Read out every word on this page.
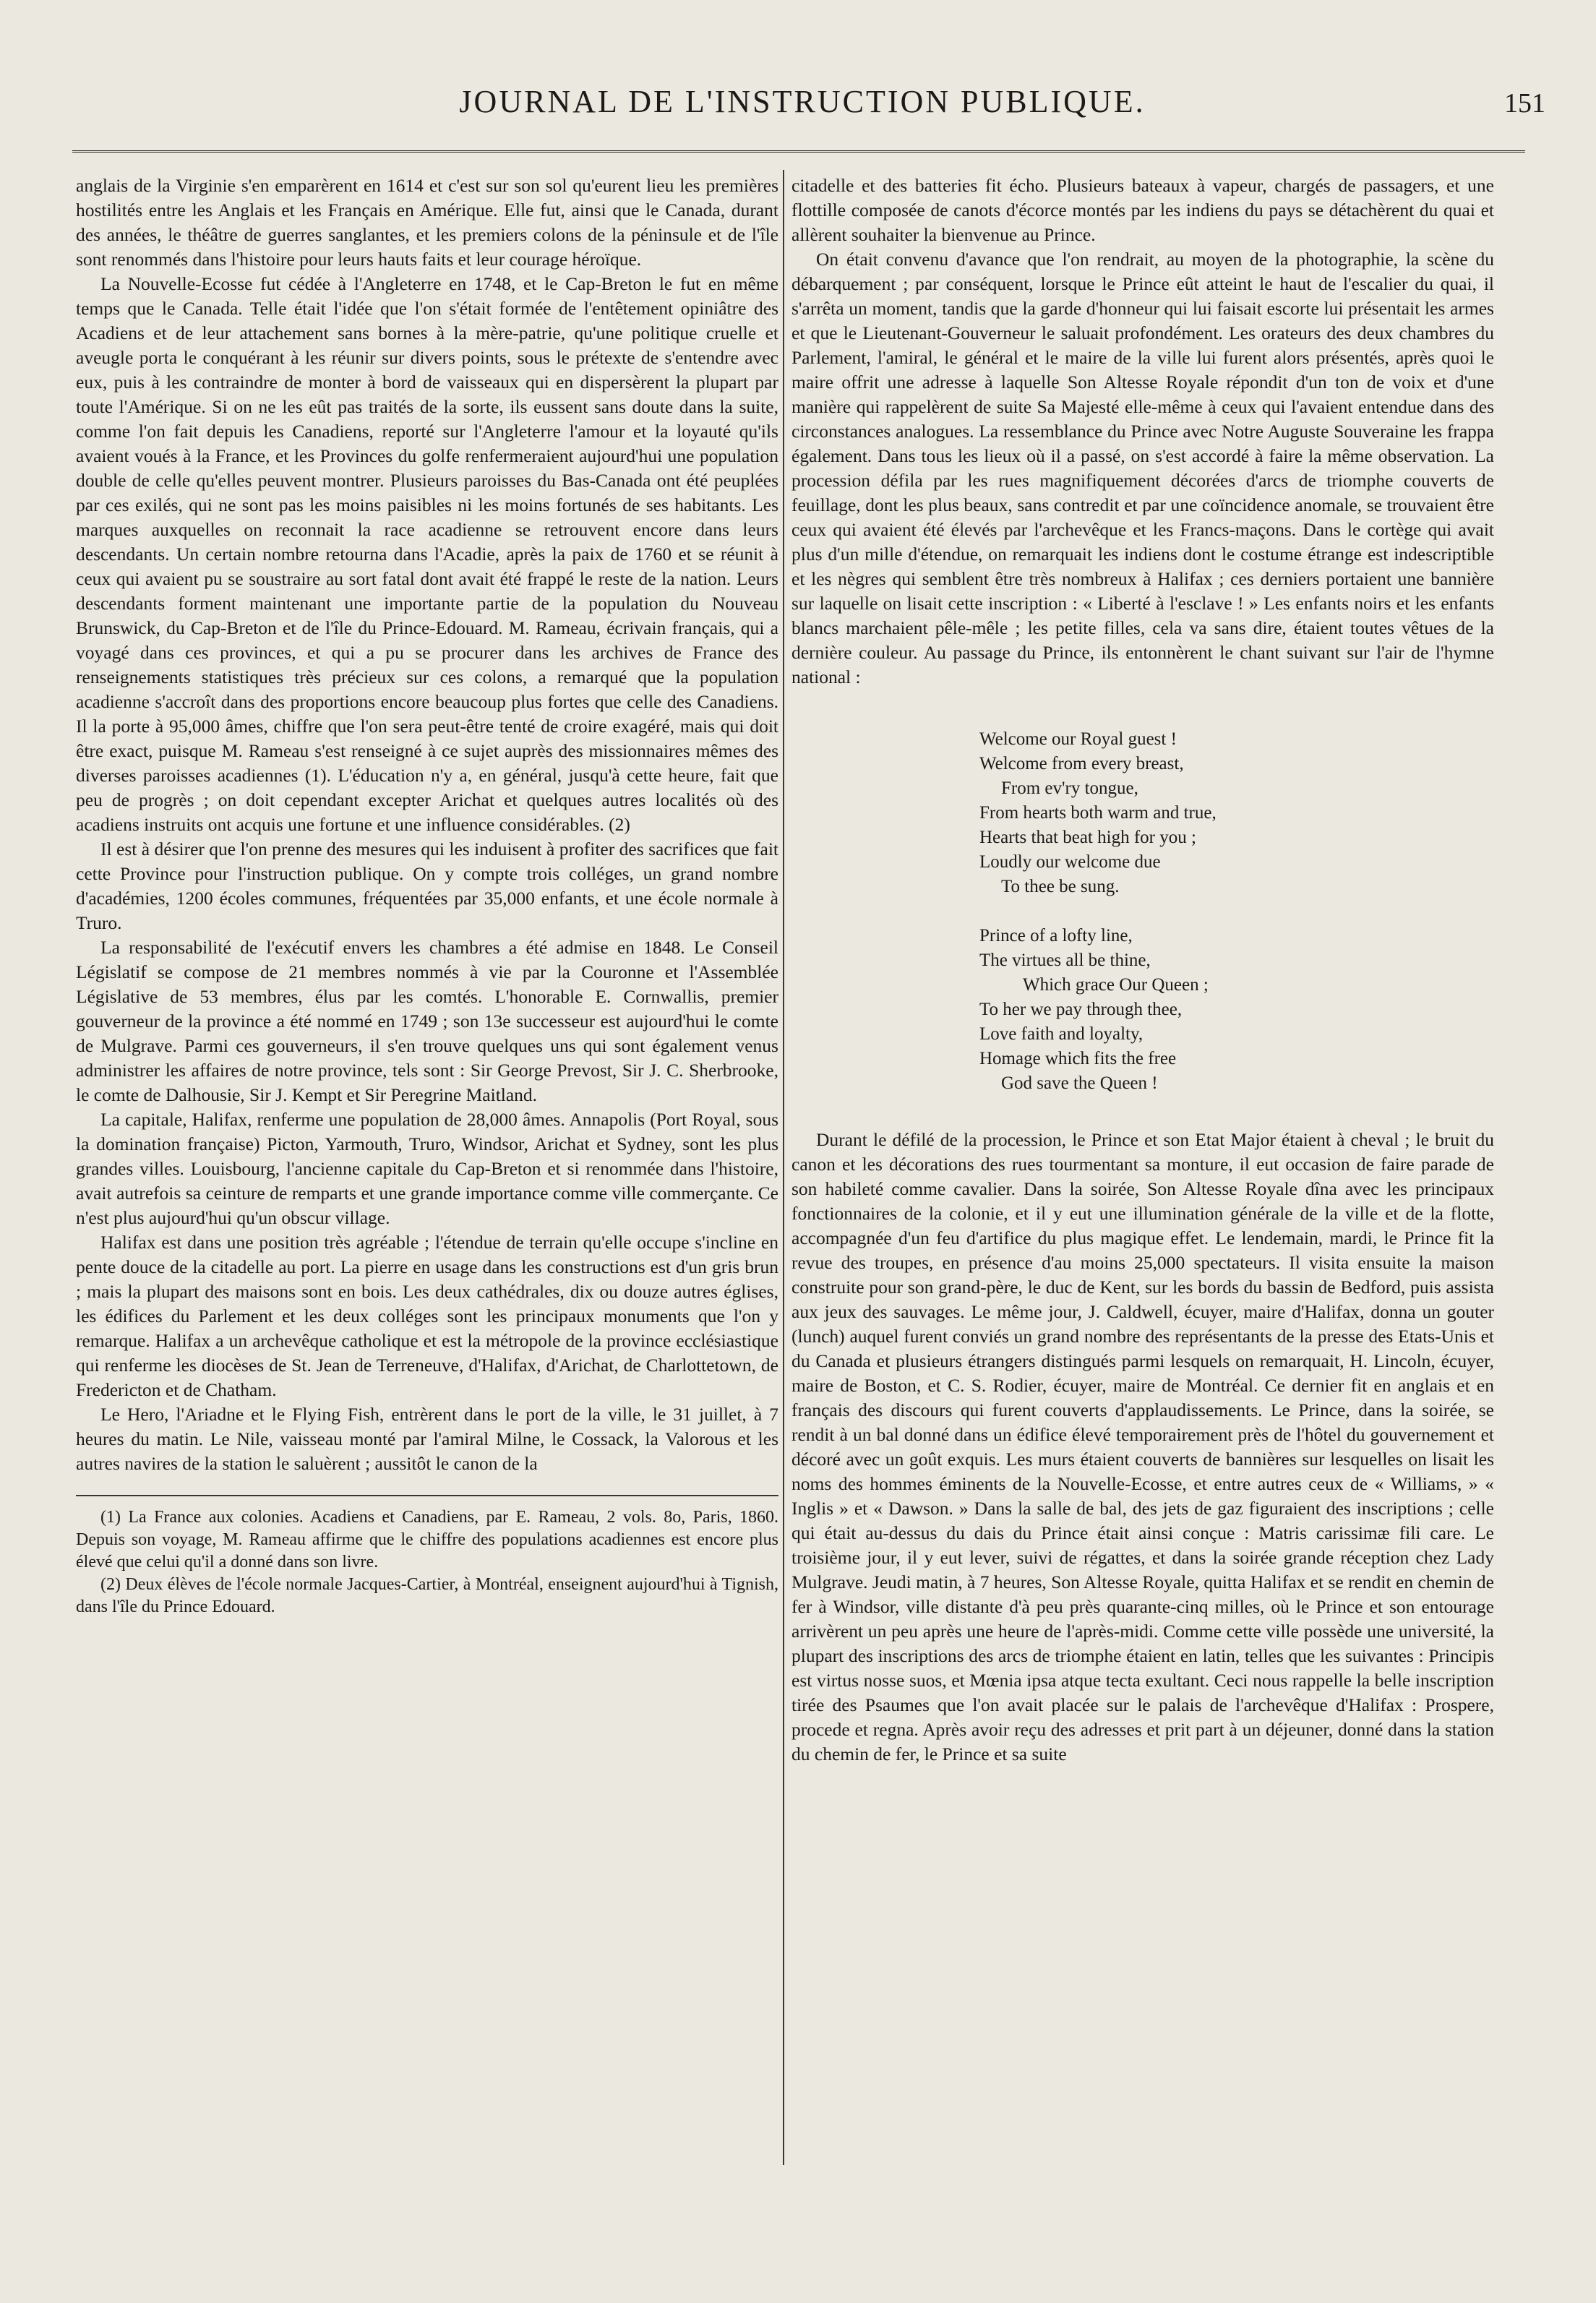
JOURNAL DE L'INSTRUCTION PUBLIQUE.	151

anglais de la Virginie s'en emparèrent en 1614 et c'est sur son sol qu'eurent lieu les premières hostilités entre les Anglais et les Français en Amérique. Elle fut, ainsi que le Canada, durant des années, le théâtre de guerres sanglantes, et les premiers colons de la péninsule et de l'île sont renommés dans l'histoire pour leurs hauts faits et leur courage héroïque.

La Nouvelle-Ecosse fut cédée à l'Angleterre en 1748, et le Cap-Breton le fut en même temps que le Canada. Telle était l'idée que l'on s'était formée de l'entêtement opiniâtre des Acadiens et de leur attachement sans bornes à la mère-patrie, qu'une politique cruelle et aveugle porta le conquérant à les réunir sur divers points, sous le prétexte de s'entendre avec eux, puis à les contraindre de monter à bord de vaisseaux qui en dispersèrent la plupart par toute l'Amérique. Si on ne les eût pas traités de la sorte, ils eussent sans doute dans la suite, comme l'on fait depuis les Canadiens, reporté sur l'Angleterre l'amour et la loyauté qu'ils avaient voués à la France, et les Provinces du golfe renfermeraient aujourd'hui une population double de celle qu'elles peuvent montrer. Plusieurs paroisses du Bas-Canada ont été peuplées par ces exilés, qui ne sont pas les moins paisibles ni les moins fortunés de ses habitants. Les marques auxquelles on reconnait la race acadienne se retrouvent encore dans leurs descendants. Un certain nombre retourna dans l'Acadie, après la paix de 1760 et se réunit à ceux qui avaient pu se soustraire au sort fatal dont avait été frappé le reste de la nation. Leurs descendants forment maintenant une importante partie de la population du Nouveau Brunswick, du Cap-Breton et de l'île du Prince-Edouard. M. Rameau, écrivain français, qui a voyagé dans ces provinces, et qui a pu se procurer dans les archives de France des renseignements statistiques très précieux sur ces colons, a remarqué que la population acadienne s'accroît dans des proportions encore beaucoup plus fortes que celle des Canadiens. Il la porte à 95,000 âmes, chiffre que l'on sera peut-être tenté de croire exagéré, mais qui doit être exact, puisque M. Rameau s'est renseigné à ce sujet auprès des missionnaires mêmes des diverses paroisses acadiennes (1). L'éducation n'y a, en général, jusqu'à cette heure, fait que peu de progrès ; on doit cependant excepter Arichat et quelques autres localités où des acadiens instruits ont acquis une fortune et une influence considérables. (2)

Il est à désirer que l'on prenne des mesures qui les induisent à profiter des sacrifices que fait cette Province pour l'instruction publique. On y compte trois colléges, un grand nombre d'académies, 1200 écoles communes, fréquentées par 35,000 enfants, et une école normale à Truro.

La responsabilité de l'exécutif envers les chambres a été admise en 1848. Le Conseil Législatif se compose de 21 membres nommés à vie par la Couronne et l'Assemblée Législative de 53 membres, élus par les comtés. L'honorable E. Cornwallis, premier gouverneur de la province a été nommé en 1749 ; son 13e successeur est aujourd'hui le comte de Mulgrave. Parmi ces gouverneurs, il s'en trouve quelques uns qui sont également venus administrer les affaires de notre province, tels sont : Sir George Prevost, Sir J. C. Sherbrooke, le comte de Dalhousie, Sir J. Kempt et Sir Peregrine Maitland.

La capitale, Halifax, renferme une population de 28,000 âmes. Annapolis (Port Royal, sous la domination française) Picton, Yarmouth, Truro, Windsor, Arichat et Sydney, sont les plus grandes villes. Louisbourg, l'ancienne capitale du Cap-Breton et si renommée dans l'histoire, avait autrefois sa ceinture de remparts et une grande importance comme ville commerçante. Ce n'est plus aujourd'hui qu'un obscur village.

Halifax est dans une position très agréable ; l'étendue de terrain qu'elle occupe s'incline en pente douce de la citadelle au port. La pierre en usage dans les constructions est d'un gris brun ; mais la plupart des maisons sont en bois. Les deux cathédrales, dix ou douze autres églises, les édifices du Parlement et les deux colléges sont les principaux monuments que l'on y remarque. Halifax a un archevêque catholique et est la métropole de la province ecclésiastique qui renferme les diocèses de St. Jean de Terreneuve, d'Halifax, d'Arichat, de Charlottetown, de Fredericton et de Chatham.

Le Hero, l'Ariadne et le Flying Fish, entrèrent dans le port de la ville, le 31 juillet, à 7 heures du matin. Le Nile, vaisseau monté par l'amiral Milne, le Cossack, la Valorous et les autres navires de la station le saluèrent ; aussitôt le canon de la

(1) La France aux colonies. Acadiens et Canadiens, par E. Rameau, 2 vols. 8o, Paris, 1860. Depuis son voyage, M. Rameau affirme que le chiffre des populations acadiennes est encore plus élevé que celui qu'il a donné dans son livre.

(2) Deux élèves de l'école normale Jacques-Cartier, à Montréal, enseignent aujourd'hui à Tignish, dans l'île du Prince Edouard.

citadelle et des batteries fit écho. Plusieurs bateaux à vapeur, chargés de passagers, et une flottille composée de canots d'écorce montés par les indiens du pays se détachèrent du quai et allèrent souhaiter la bienvenue au Prince.

On était convenu d'avance que l'on rendrait, au moyen de la photographie, la scène du débarquement ; par conséquent, lorsque le Prince eût atteint le haut de l'escalier du quai, il s'arrêta un moment, tandis que la garde d'honneur qui lui faisait escorte lui présentait les armes et que le Lieutenant-Gouverneur le saluait profondément. Les orateurs des deux chambres du Parlement, l'amiral, le général et le maire de la ville lui furent alors présentés, après quoi le maire offrit une adresse à laquelle Son Altesse Royale répondit d'un ton de voix et d'une manière qui rappelèrent de suite Sa Majesté elle-même à ceux qui l'avaient entendue dans des circonstances analogues. La ressemblance du Prince avec Notre Auguste Souveraine les frappa également. Dans tous les lieux où il a passé, on s'est accordé à faire la même observation. La procession défila par les rues magnifiquement décorées d'arcs de triomphe couverts de feuillage, dont les plus beaux, sans contredit et par une coïncidence anomale, se trouvaient être ceux qui avaient été élevés par l'archevêque et les Francs-maçons. Dans le cortège qui avait plus d'un mille d'étendue, on remarquait les indiens dont le costume étrange est indescriptible et les nègres qui semblent être très nombreux à Halifax ; ces derniers portaient une bannière sur laquelle on lisait cette inscription : « Liberté à l'esclave ! » Les enfants noirs et les enfants blancs marchaient pêle-mêle ; les petite filles, cela va sans dire, étaient toutes vêtues de la dernière couleur. Au passage du Prince, ils entonnèrent le chant suivant sur l'air de l'hymne national :

Welcome our Royal guest !
Welcome from every breast,
From ev'ry tongue,
From hearts both warm and true,
Hearts that beat high for you ;
Loudly our welcome due
To thee be sung.
Prince of a lofty line,
The virtues all be thine,
Which grace Our Queen ;
To her we pay through thee,
Love faith and loyalty,
Homage which fits the free
God save the Queen !

Durant le défilé de la procession, le Prince et son Etat Major étaient à cheval ; le bruit du canon et les décorations des rues tourmentant sa monture, il eut occasion de faire parade de son habileté comme cavalier. Dans la soirée, Son Altesse Royale dîna avec les principaux fonctionnaires de la colonie, et il y eut une illumination générale de la ville et de la flotte, accompagnée d'un feu d'artifice du plus magique effet. Le lendemain, mardi, le Prince fit la revue des troupes, en présence d'au moins 25,000 spectateurs. Il visita ensuite la maison construite pour son grand-père, le duc de Kent, sur les bords du bassin de Bedford, puis assista aux jeux des sauvages. Le même jour, J. Caldwell, écuyer, maire d'Halifax, donna un gouter (lunch) auquel furent conviés un grand nombre des représentants de la presse des Etats-Unis et du Canada et plusieurs étrangers distingués parmi lesquels on remarquait, H. Lincoln, écuyer, maire de Boston, et C. S. Rodier, écuyer, maire de Montréal. Ce dernier fit en anglais et en français des discours qui furent couverts d'applaudissements. Le Prince, dans la soirée, se rendit à un bal donné dans un édifice élevé temporairement près de l'hôtel du gouvernement et décoré avec un goût exquis. Les murs étaient couverts de bannières sur lesquelles on lisait les noms des hommes éminents de la Nouvelle-Ecosse, et entre autres ceux de « Williams, » « Inglis » et « Dawson. » Dans la salle de bal, des jets de gaz figuraient des inscriptions ; celle qui était au-dessus du dais du Prince était ainsi conçue : Matris carissimæ fili care. Le troisième jour, il y eut lever, suivi de régattes, et dans la soirée grande réception chez Lady Mulgrave. Jeudi matin, à 7 heures, Son Altesse Royale, quitta Halifax et se rendit en chemin de fer à Windsor, ville distante d'à peu près quarante-cinq milles, où le Prince et son entourage arrivèrent un peu après une heure de l'après-midi. Comme cette ville possède une université, la plupart des inscriptions des arcs de triomphe étaient en latin, telles que les suivantes : Principis est virtus nosse suos, et Mœnia ipsa atque tecta exultant. Ceci nous rappelle la belle inscription tirée des Psaumes que l'on avait placée sur le palais de l'archevêque d'Halifax : Prospere, procede et regna. Après avoir reçu des adresses et prit part à un déjeuner, donné dans la station du chemin de fer, le Prince et sa suite
